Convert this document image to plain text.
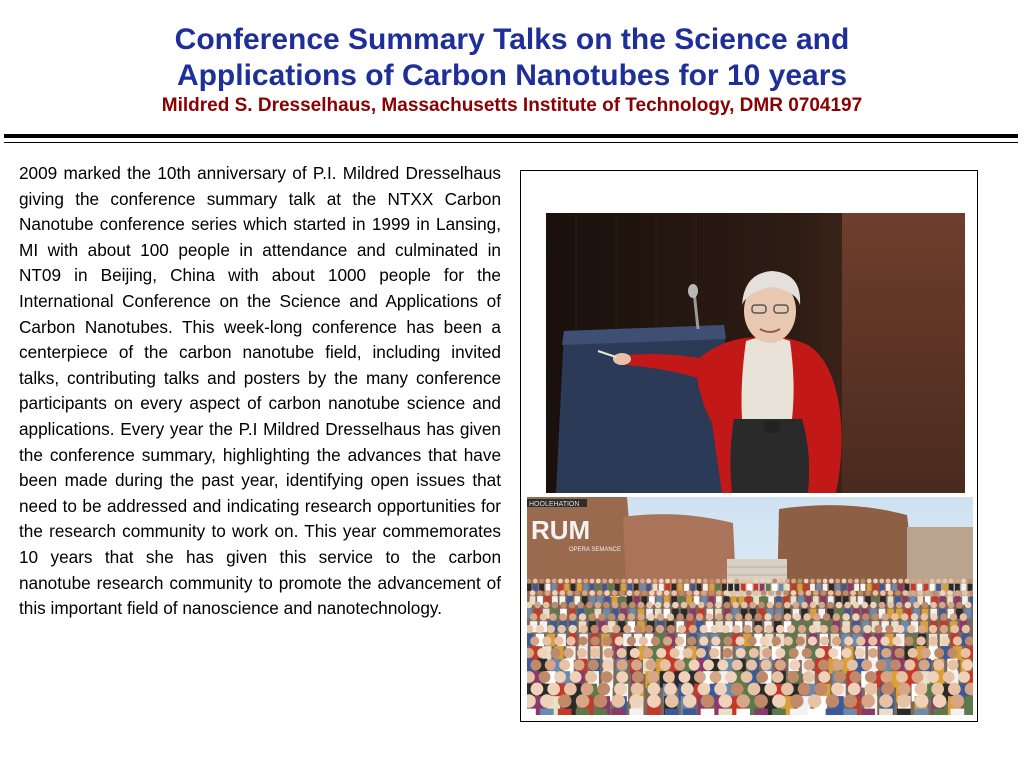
Conference Summary Talks on the Science and
Applications of Carbon Nanotubes for 10 years
Mildred S. Dresselhaus, Massachusetts Institute of Technology, DMR 0704197
2009 marked the 10th anniversary of P.I. Mildred Dresselhaus giving the conference summary talk at the NTXX Carbon Nanotube conference series which started in 1999 in Lansing, MI with about 100 people in attendance and culminated in NT09 in Beijing, China with about 1000 people for the International Conference on the Science and Applications of Carbon Nanotubes. This week-long conference has been a centerpiece of the carbon nanotube field, including invited talks, contributing talks and posters by the many conference participants on every aspect of carbon nanotube science and applications. Every year the P.I Mildred Dresselhaus has given the conference summary, highlighting the advances that have been made during the past year, identifying open issues that need to be addressed and indicating research opportunities for the research community to work on. This year commemorates 10 years that she has given this service to the carbon nanotube research community to promote the advancement of this important field of nanoscience and nanotechnology.
HOOLEHATION
RUM
OPERA SEMANCE
